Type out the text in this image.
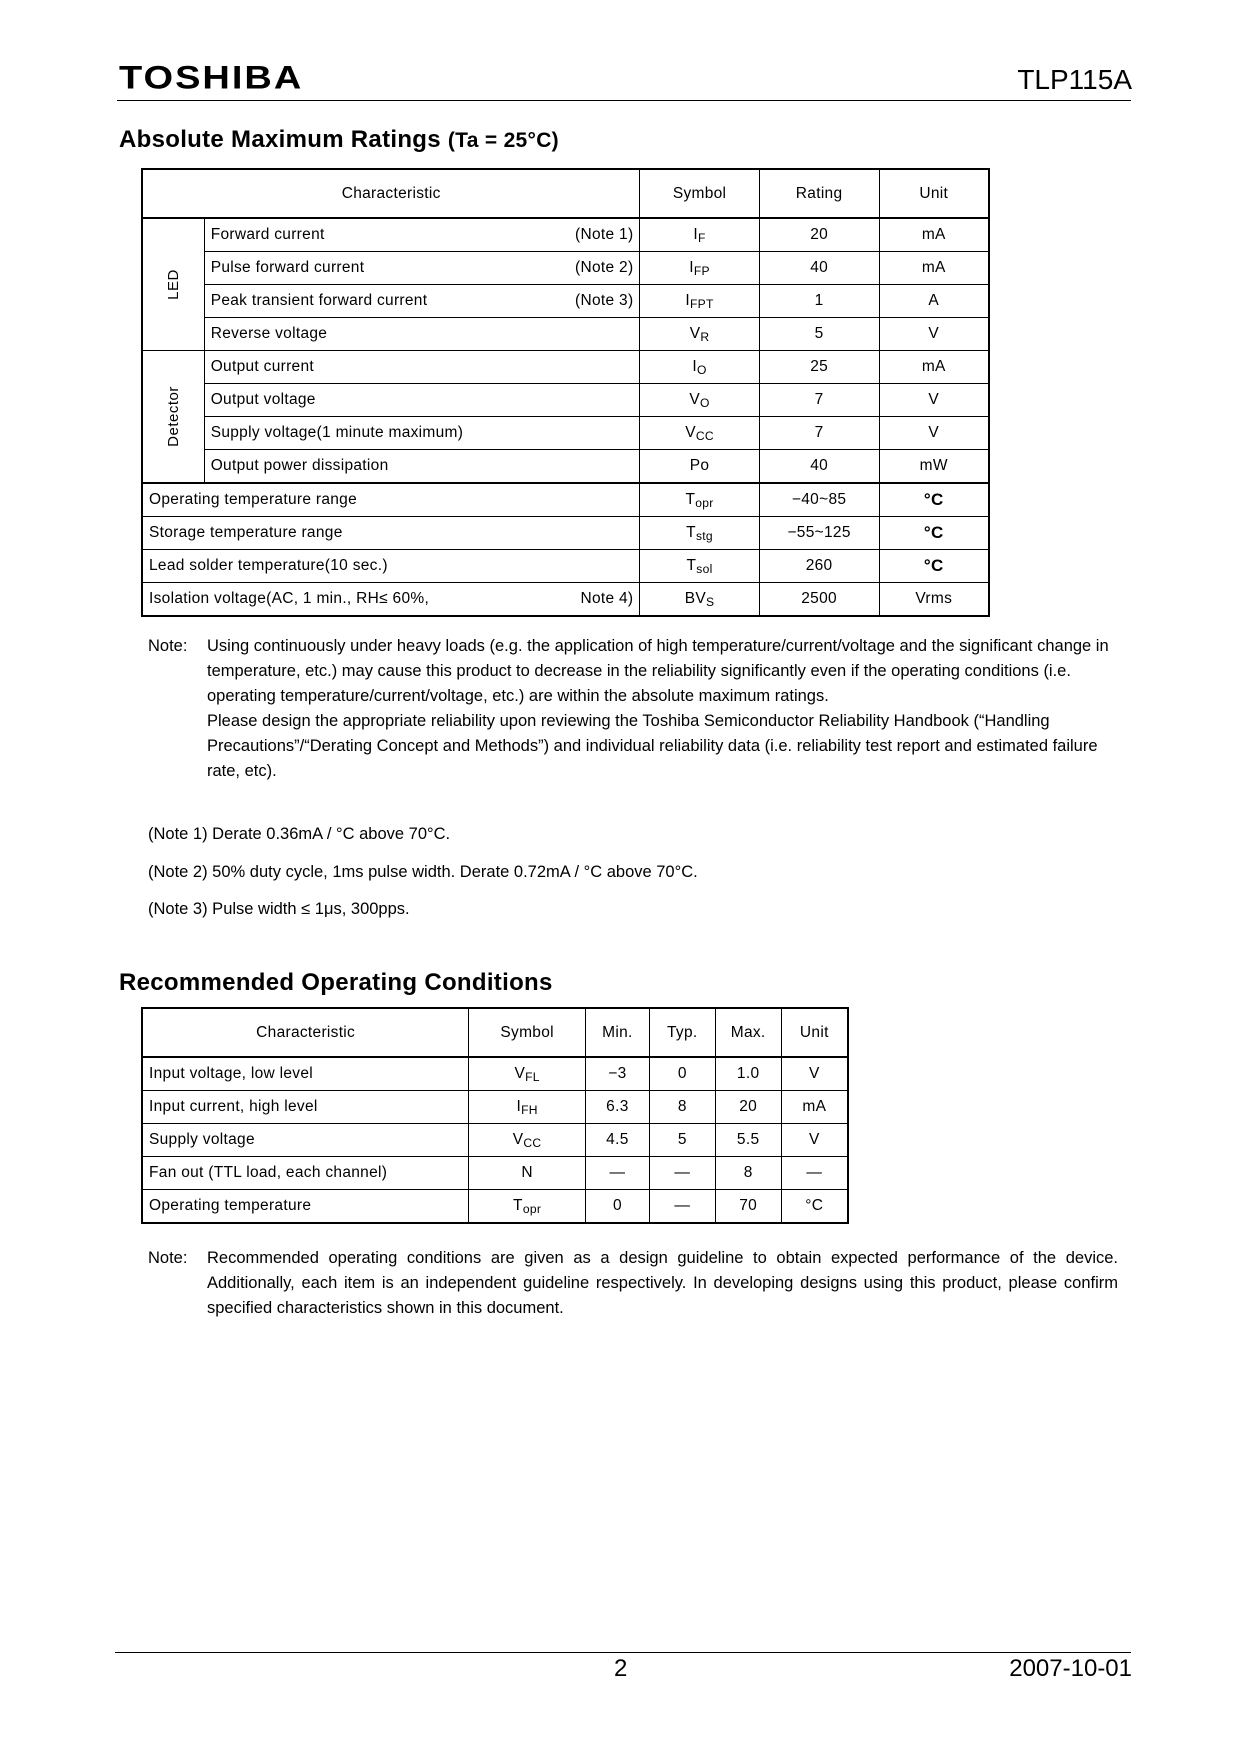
TOSHIBA	TLP115A
Absolute Maximum Ratings (Ta = 25°C)
Characteristic		Symbol	Rating	Unit
LED	Forward current (Note 1)	$I_F$	20	mA

	Pulse forward current (Note 2)	$I_{FP}$	40	mA

	Peak transient forward current (Note 3)	$I_{FPT}$	1	A

	Reverse voltage	$V_R$	5	V
Detector	Output current	$I_O$	25	mA

	Output voltage	$V_O$	7	V

	Supply voltage(1 minute maximum)	$V_{CC}$	7	V

	Output power dissipation	Po	40	mW

Operating temperature range		$T_{opr}$	−40~85	°C

Storage temperature range		$T_{stg}$	−55~125	°C

Lead solder temperature(10 sec.)		$T_{sol}$	260	°C

Isolation voltage(AC, 1 min., RH≤ 60%, Note 4)		$BV_S$	2500	Vrms
Note: Using continuously under heavy loads (e.g. the application of high temperature/current/voltage and the significant change in temperature, etc.) may cause this product to decrease in the reliability significantly even if the operating conditions (i.e. operating temperature/current/voltage, etc.) are within the absolute maximum ratings.
Please design the appropriate reliability upon reviewing the Toshiba Semiconductor Reliability Handbook (“Handling Precautions”/“Derating Concept and Methods”) and individual reliability data (i.e. reliability test report and estimated failure rate, etc).
(Note 1) Derate 0.36mA / °C above 70°C.
(Note 2) 50% duty cycle, 1ms pulse width. Derate 0.72mA / °C above 70°C.
(Note 3) Pulse width ≤ 1μs, 300pps.
Recommended Operating Conditions
Characteristic	Symbol	Min.	Typ.	Max.	Unit
Input voltage, low level	$V_{FL}$	−3	0	1.0	V
Input current, high level	$I_{FH}$	6.3	8	20	mA
Supply voltage	$V_{CC}$	4.5	5	5.5	V
Fan out (TTL load, each channel)	N	—	—	8	—
Operating temperature	$T_{opr}$	0	—	70	°C
Note: Recommended operating conditions are given as a design guideline to obtain expected performance of the device. Additionally, each item is an independent guideline respectively. In developing designs using this product, please confirm specified characteristics shown in this document.
2	2007-10-01
